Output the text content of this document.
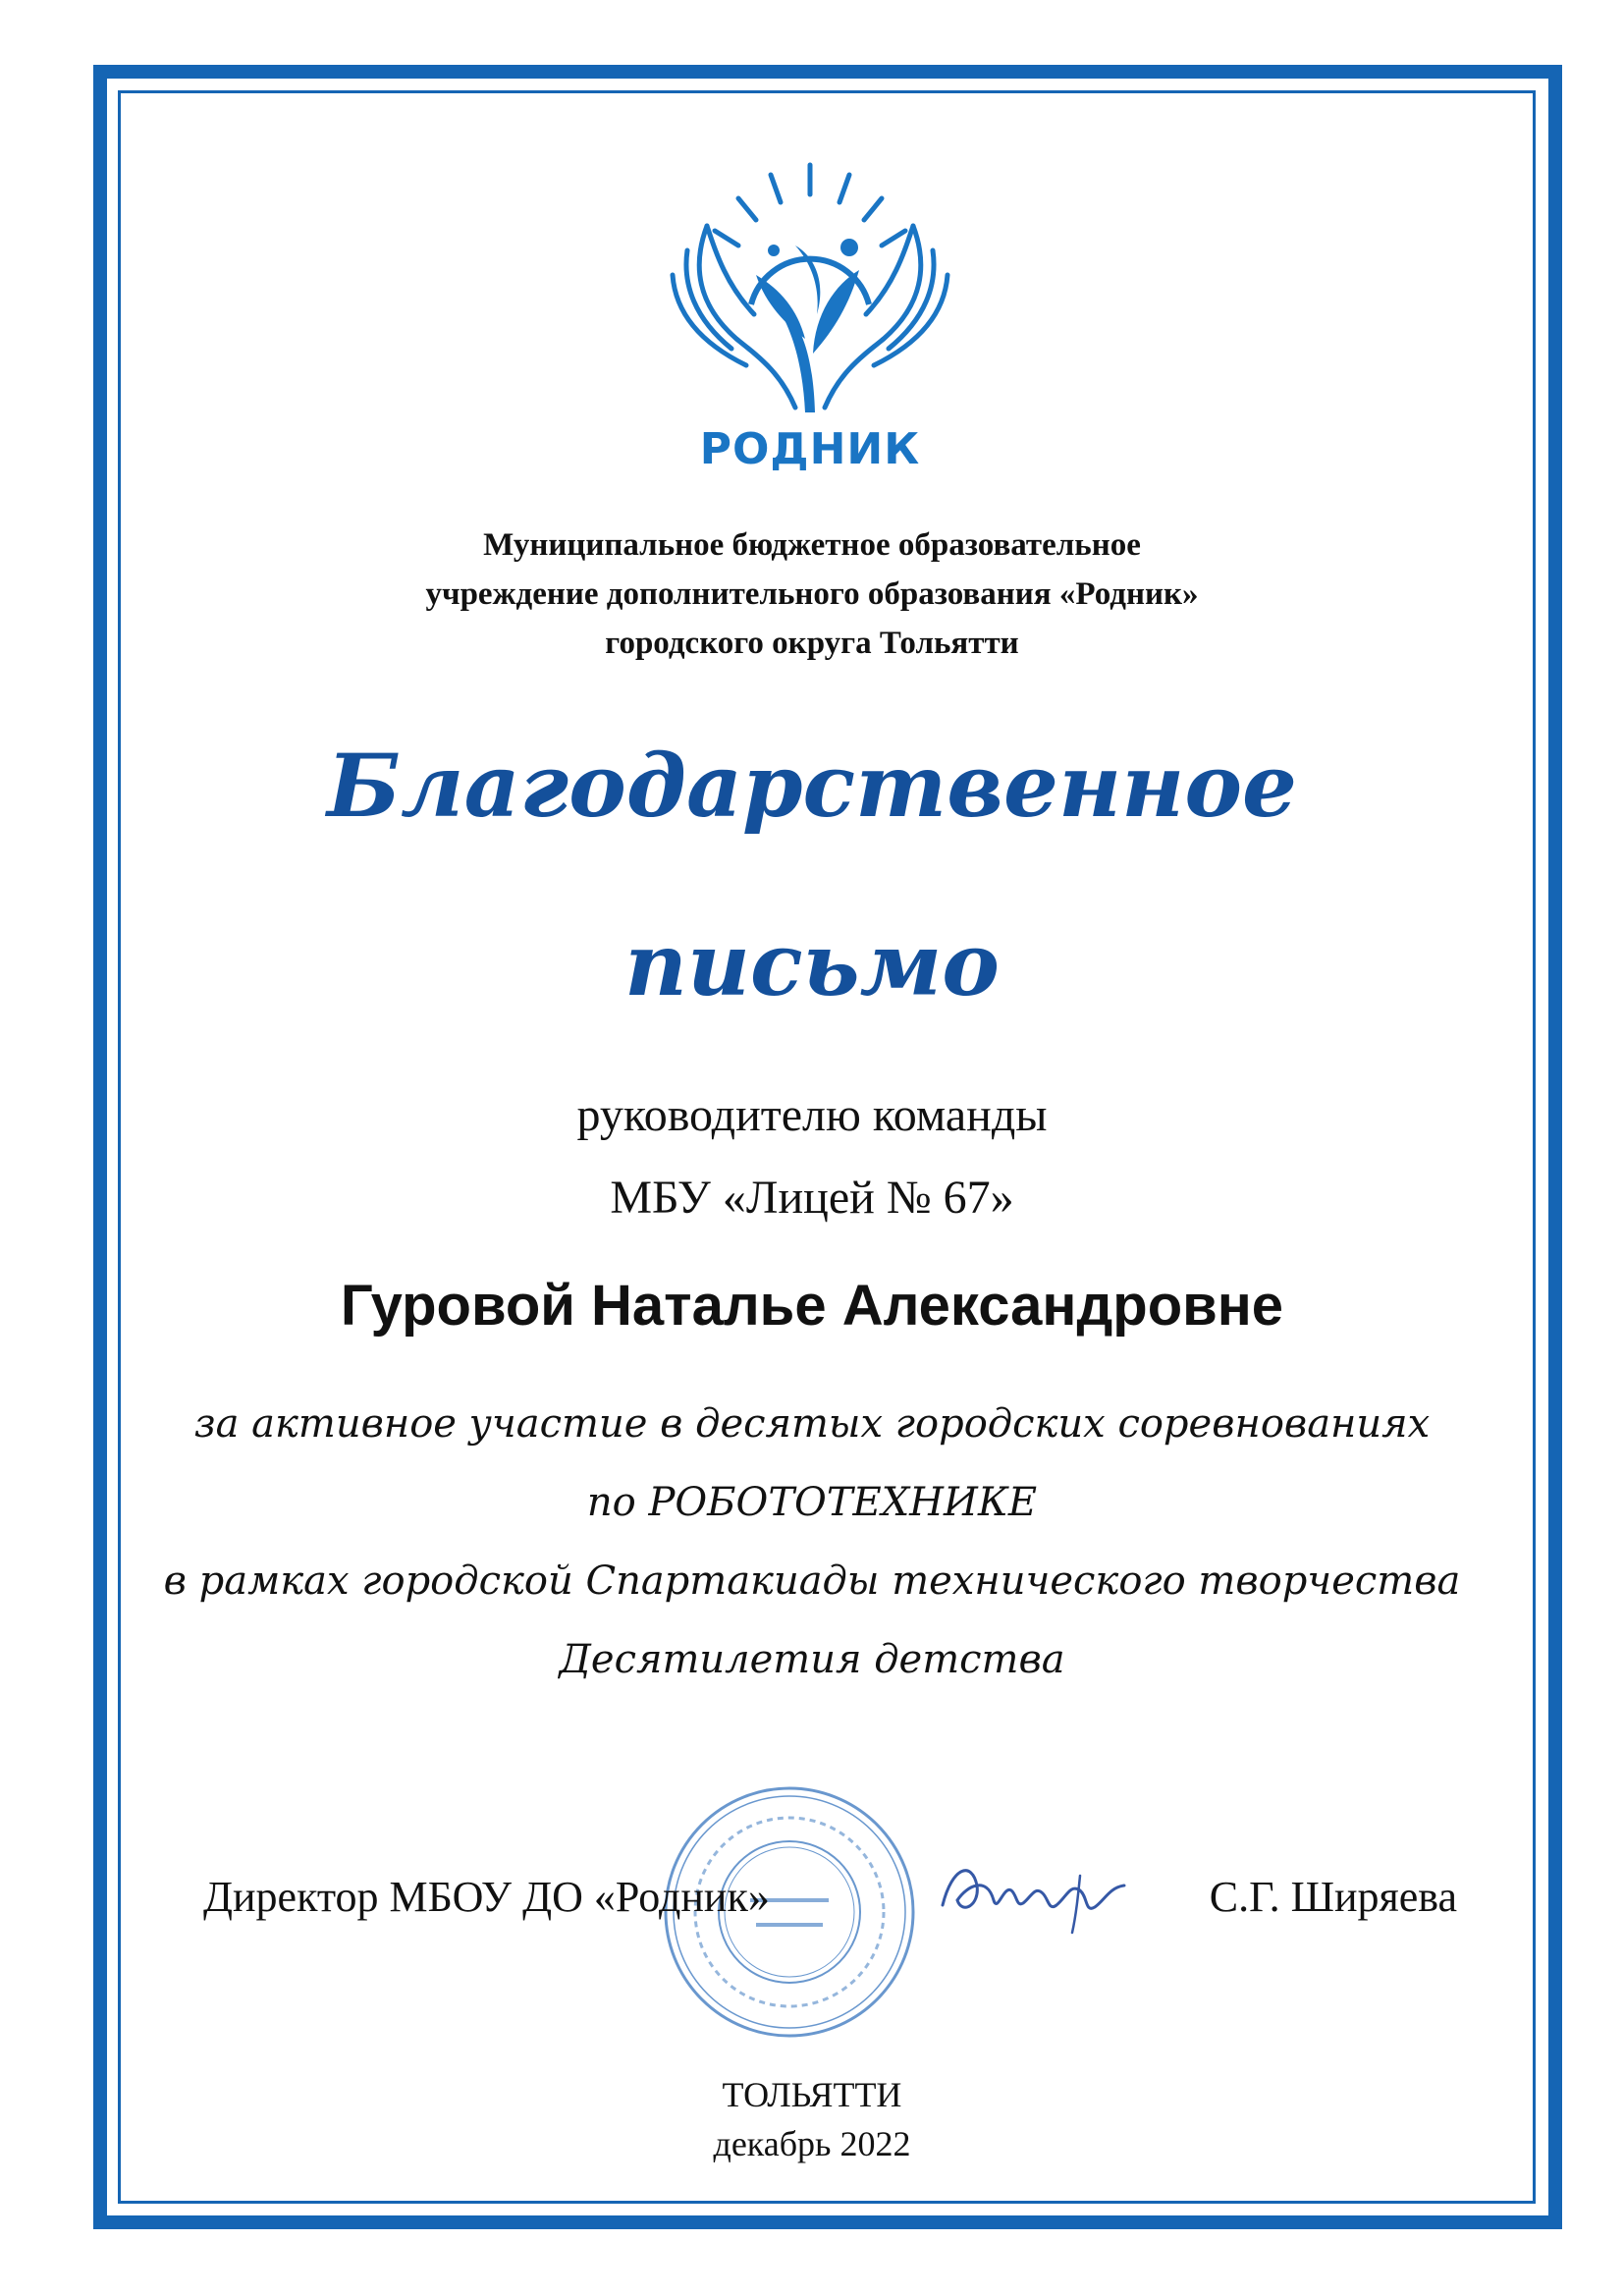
РОДНИК
Муниципальное бюджетное образовательное
учреждение дополнительного образования «Родник»
городского округа Тольятти
Благодарственное
письмо
руководителю команды
МБУ «Лицей № 67»
Гуровой Наталье Александровне
за активное участие в десятых городских соревнованиях
по РОБОТОТЕХНИКЕ
в рамках городской Спартакиады технического творчества
Десятилетия детства
Директор МБОУ ДО «Родник»	С.Г. Ширяева
ТОЛЬЯТТИ
декабрь 2022
